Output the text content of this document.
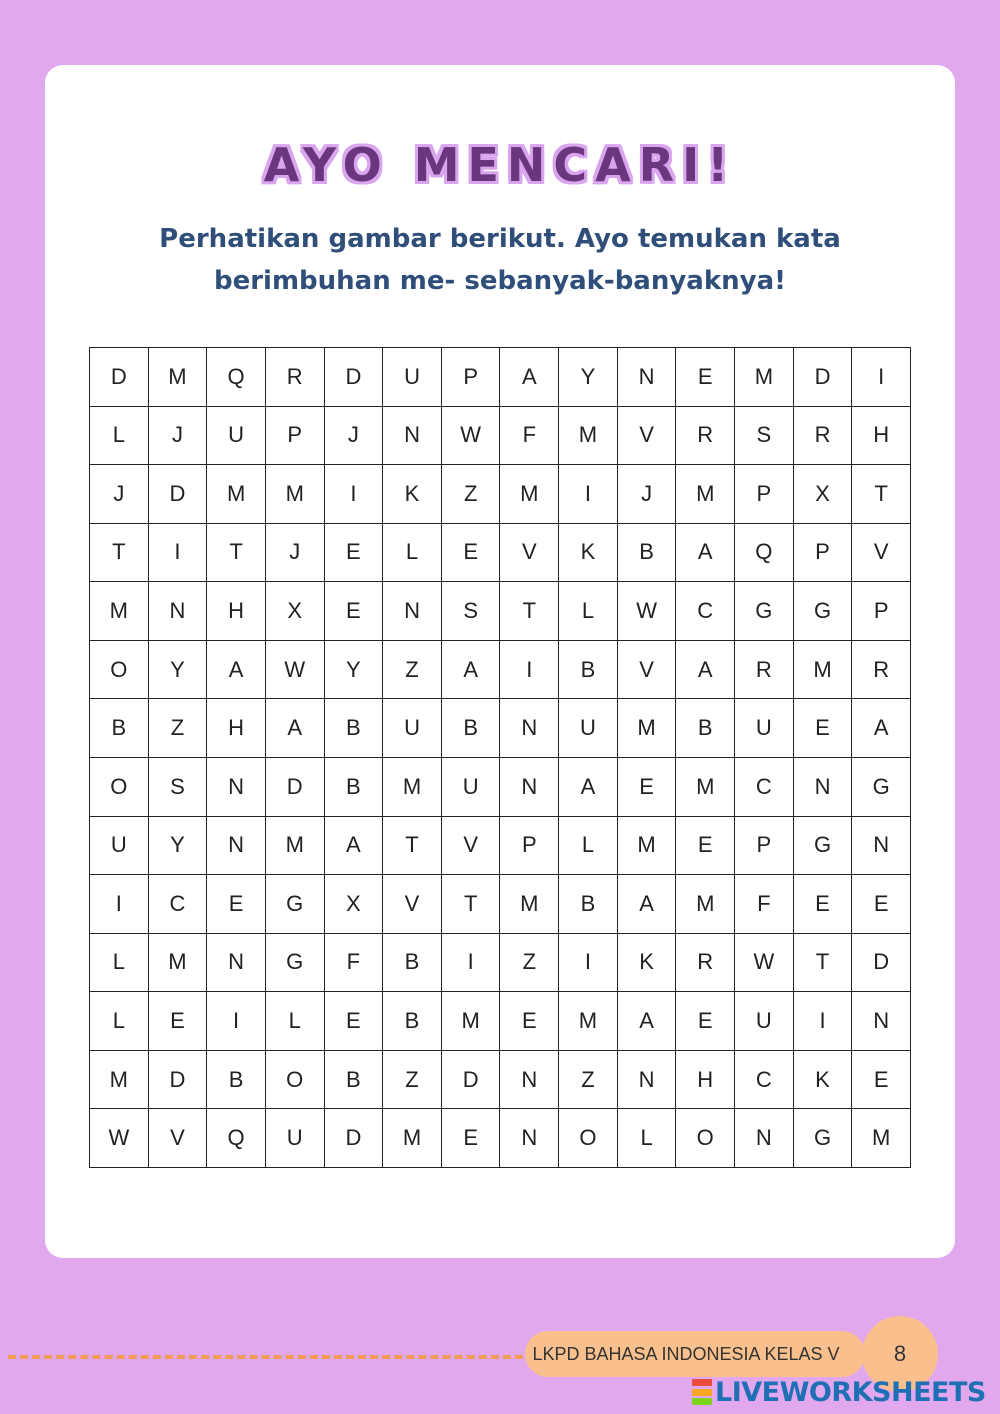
AYO MENCARI!
Perhatikan gambar berikut. Ayo temukan kata berimbuhan me- sebanyak-banyaknya!
D	M	Q	R	D	U	P	A	Y	N	E	M	D	I
L	J	U	P	J	N	W	F	M	V	R	S	R	H
J	D	M	M	I	K	Z	M	I	J	M	P	X	T
T	I	T	J	E	L	E	V	K	B	A	Q	P	V
M	N	H	X	E	N	S	T	L	W	C	G	G	P
O	Y	A	W	Y	Z	A	I	B	V	A	R	M	R
B	Z	H	A	B	U	B	N	U	M	B	U	E	A
O	S	N	D	B	M	U	N	A	E	M	C	N	G
U	Y	N	M	A	T	V	P	L	M	E	P	G	N
I	C	E	G	X	V	T	M	B	A	M	F	E	E
L	M	N	G	F	B	I	Z	I	K	R	W	T	D
L	E	I	L	E	B	M	E	M	A	E	U	I	N
M	D	B	O	B	Z	D	N	Z	N	H	C	K	E
W	V	Q	U	D	M	E	N	O	L	O	N	G	M
LKPD BAHASA INDONESIA KELAS V	8
LIVEWORKSHEETS
